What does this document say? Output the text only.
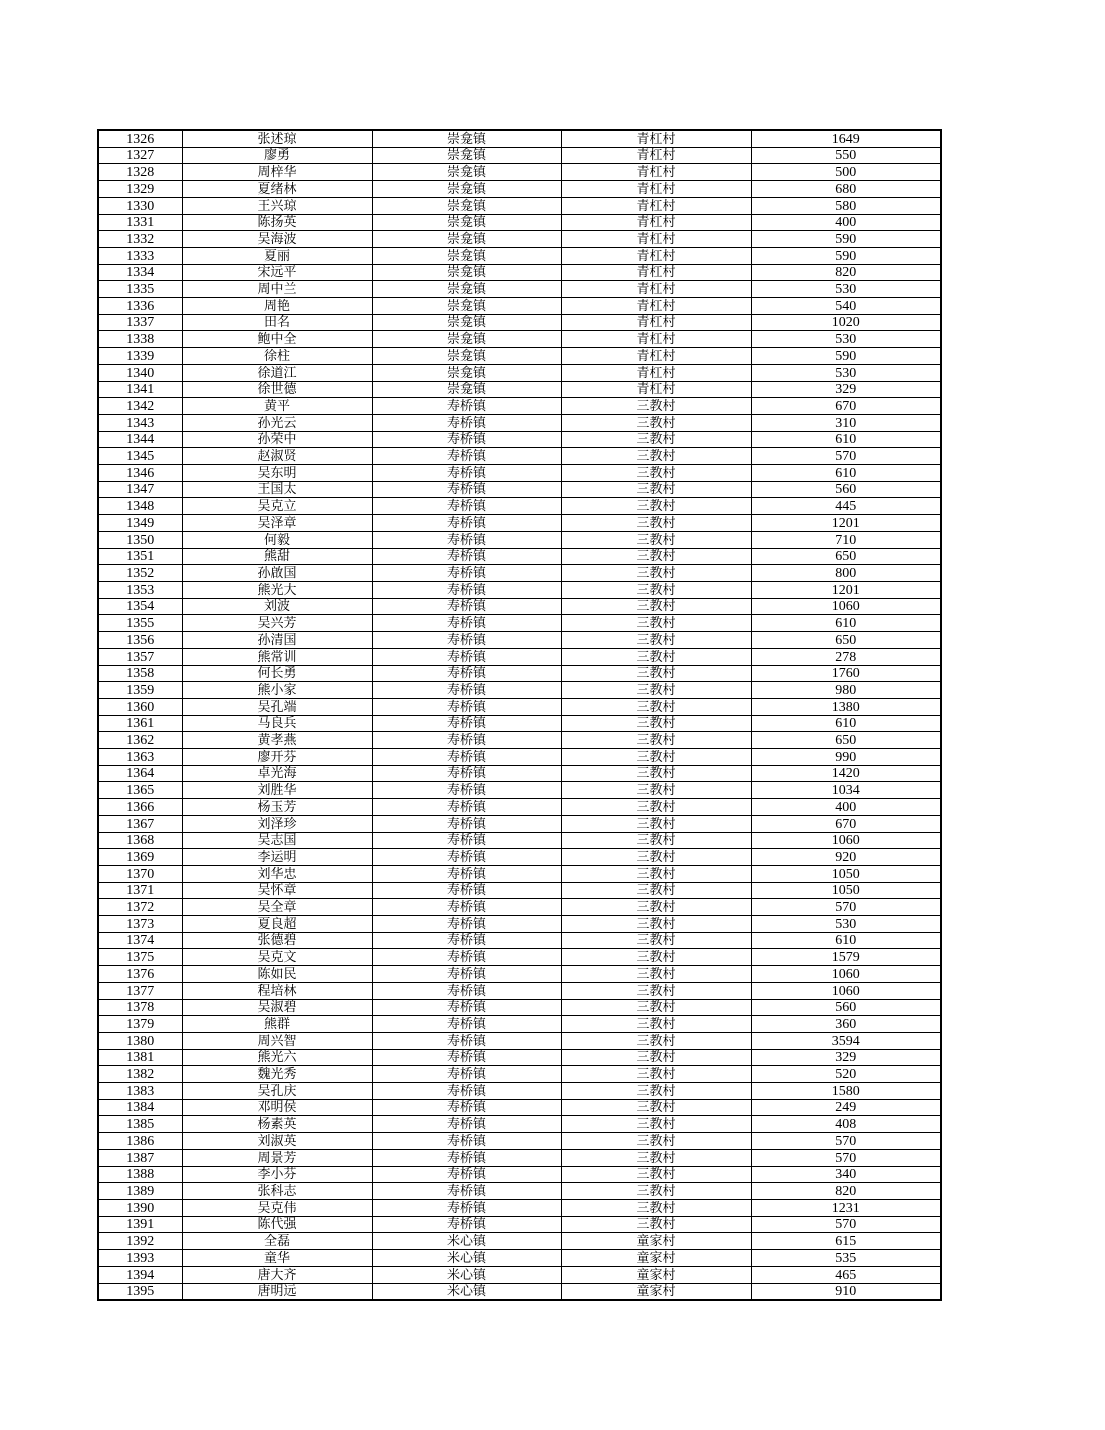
1326	张述琼	崇龛镇	青杠村	1649
1327	廖勇	崇龛镇	青杠村	550
1328	周梓华	崇龛镇	青杠村	500
1329	夏绪林	崇龛镇	青杠村	680
1330	王兴琼	崇龛镇	青杠村	580
1331	陈扬英	崇龛镇	青杠村	400
1332	吴海波	崇龛镇	青杠村	590
1333	夏丽	崇龛镇	青杠村	590
1334	宋远平	崇龛镇	青杠村	820
1335	周中兰	崇龛镇	青杠村	530
1336	周艳	崇龛镇	青杠村	540
1337	田名	崇龛镇	青杠村	1020
1338	鲍中全	崇龛镇	青杠村	530
1339	徐柱	崇龛镇	青杠村	590
1340	徐道江	崇龛镇	青杠村	530
1341	徐世德	崇龛镇	青杠村	329
1342	黄平	寿桥镇	三教村	670
1343	孙光云	寿桥镇	三教村	310
1344	孙荣中	寿桥镇	三教村	610
1345	赵淑贤	寿桥镇	三教村	570
1346	吴东明	寿桥镇	三教村	610
1347	王国太	寿桥镇	三教村	560
1348	吴克立	寿桥镇	三教村	445
1349	吴泽章	寿桥镇	三教村	1201
1350	何毅	寿桥镇	三教村	710
1351	熊甜	寿桥镇	三教村	650
1352	孙啟国	寿桥镇	三教村	800
1353	熊光大	寿桥镇	三教村	1201
1354	刘波	寿桥镇	三教村	1060
1355	吴兴芳	寿桥镇	三教村	610
1356	孙清国	寿桥镇	三教村	650
1357	熊常训	寿桥镇	三教村	278
1358	何长勇	寿桥镇	三教村	1760
1359	熊小家	寿桥镇	三教村	980
1360	吴孔端	寿桥镇	三教村	1380
1361	马良兵	寿桥镇	三教村	610
1362	黄孝燕	寿桥镇	三教村	650
1363	廖开芬	寿桥镇	三教村	990
1364	卓光海	寿桥镇	三教村	1420
1365	刘胜华	寿桥镇	三教村	1034
1366	杨玉芳	寿桥镇	三教村	400
1367	刘泽珍	寿桥镇	三教村	670
1368	吴志国	寿桥镇	三教村	1060
1369	李运明	寿桥镇	三教村	920
1370	刘华忠	寿桥镇	三教村	1050
1371	吴怀章	寿桥镇	三教村	1050
1372	吴全章	寿桥镇	三教村	570
1373	夏良超	寿桥镇	三教村	530
1374	张德碧	寿桥镇	三教村	610
1375	吴克文	寿桥镇	三教村	1579
1376	陈如民	寿桥镇	三教村	1060
1377	程培林	寿桥镇	三教村	1060
1378	吴淑碧	寿桥镇	三教村	560
1379	熊群	寿桥镇	三教村	360
1380	周兴智	寿桥镇	三教村	3594
1381	熊光六	寿桥镇	三教村	329
1382	魏光秀	寿桥镇	三教村	520
1383	吴孔庆	寿桥镇	三教村	1580
1384	邓明侯	寿桥镇	三教村	249
1385	杨素英	寿桥镇	三教村	408
1386	刘淑英	寿桥镇	三教村	570
1387	周景芳	寿桥镇	三教村	570
1388	李小芬	寿桥镇	三教村	340
1389	张科志	寿桥镇	三教村	820
1390	吴克伟	寿桥镇	三教村	1231
1391	陈代强	寿桥镇	三教村	570
1392	全磊	米心镇	童家村	615
1393	童华	米心镇	童家村	535
1394	唐大齐	米心镇	童家村	465
1395	唐明远	米心镇	童家村	910
